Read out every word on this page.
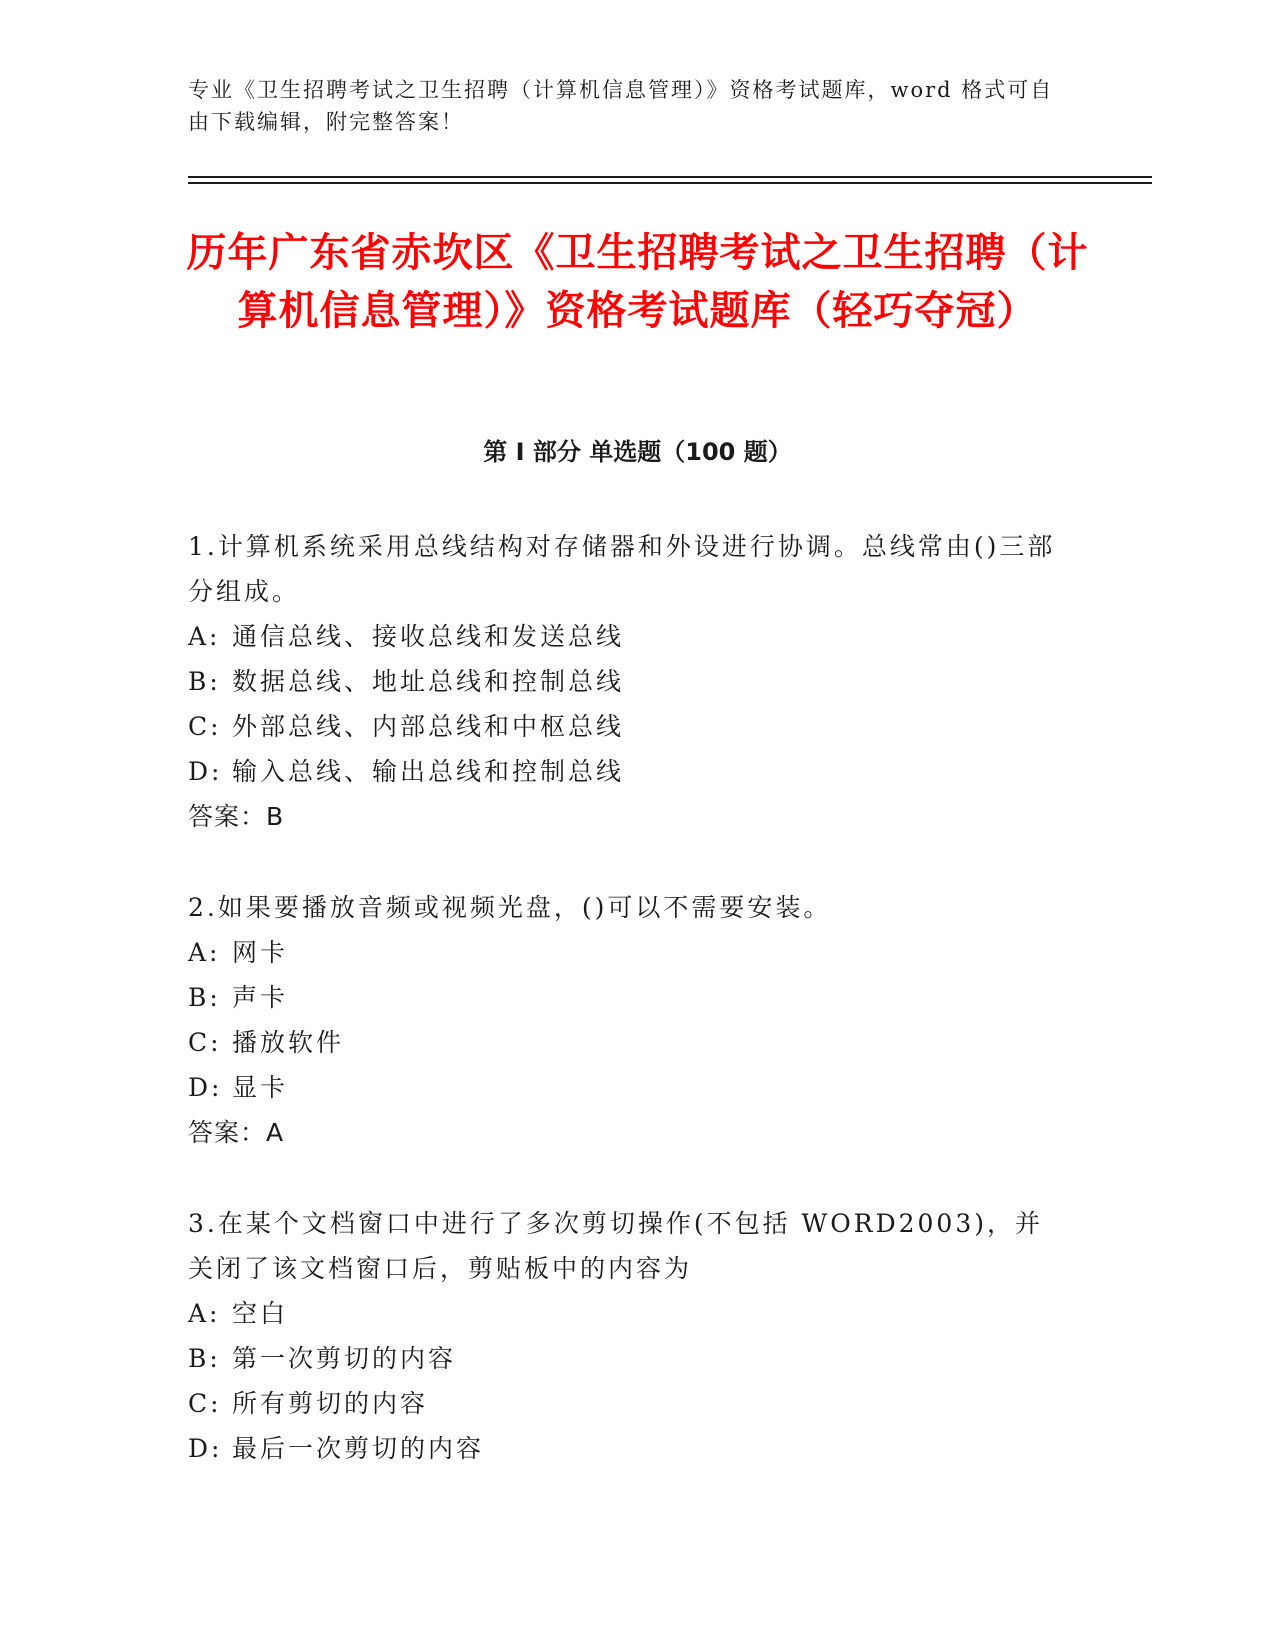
专业《卫生招聘考试之卫生招聘（计算机信息管理）》资格考试题库，word 格式可自由下载编辑，附完整答案！

历年广东省赤坎区《卫生招聘考试之卫生招聘（计算机信息管理）》资格考试题库（轻巧夺冠）
第 I 部分 单选题（100 题）

1.计算机系统采用总线结构对存储器和外设进行协调。总线常由()三部分组成。

A: 通信总线、接收总线和发送总线

B: 数据总线、地址总线和控制总线

C: 外部总线、内部总线和中枢总线

D: 输入总线、输出总线和控制总线

答案：B

2.如果要播放音频或视频光盘，()可以不需要安装。

A: 网卡

B: 声卡

C: 播放软件

D: 显卡

答案：A

3.在某个文档窗口中进行了多次剪切操作(不包括 WORD2003)，并关闭了该文档窗口后，剪贴板中的内容为

A: 空白

B: 第一次剪切的内容

C: 所有剪切的内容

D: 最后一次剪切的内容
